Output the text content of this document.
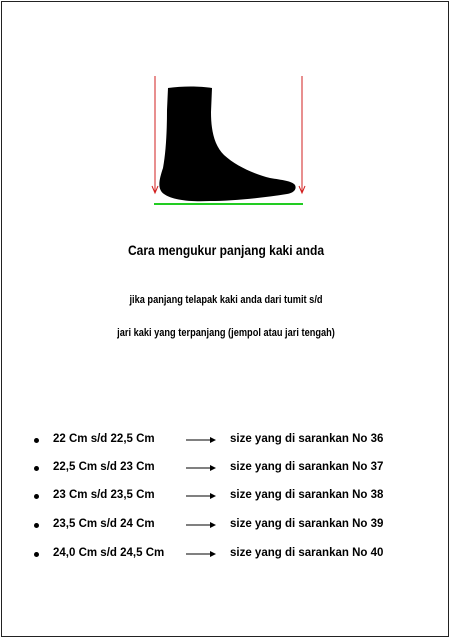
Cara mengukur panjang kaki anda
jika panjang telapak kaki anda dari tumit s/d
jari kaki yang terpanjang (jempol atau jari tengah)
22 Cm s/d 22,5 Cm	size yang di sarankan No 36
22,5 Cm s/d 23 Cm	size yang di sarankan No 37
23 Cm s/d 23,5 Cm	size yang di sarankan No 38
23,5 Cm s/d 24 Cm	size yang di sarankan No 39
24,0 Cm s/d 24,5 Cm	size yang di sarankan No 40
